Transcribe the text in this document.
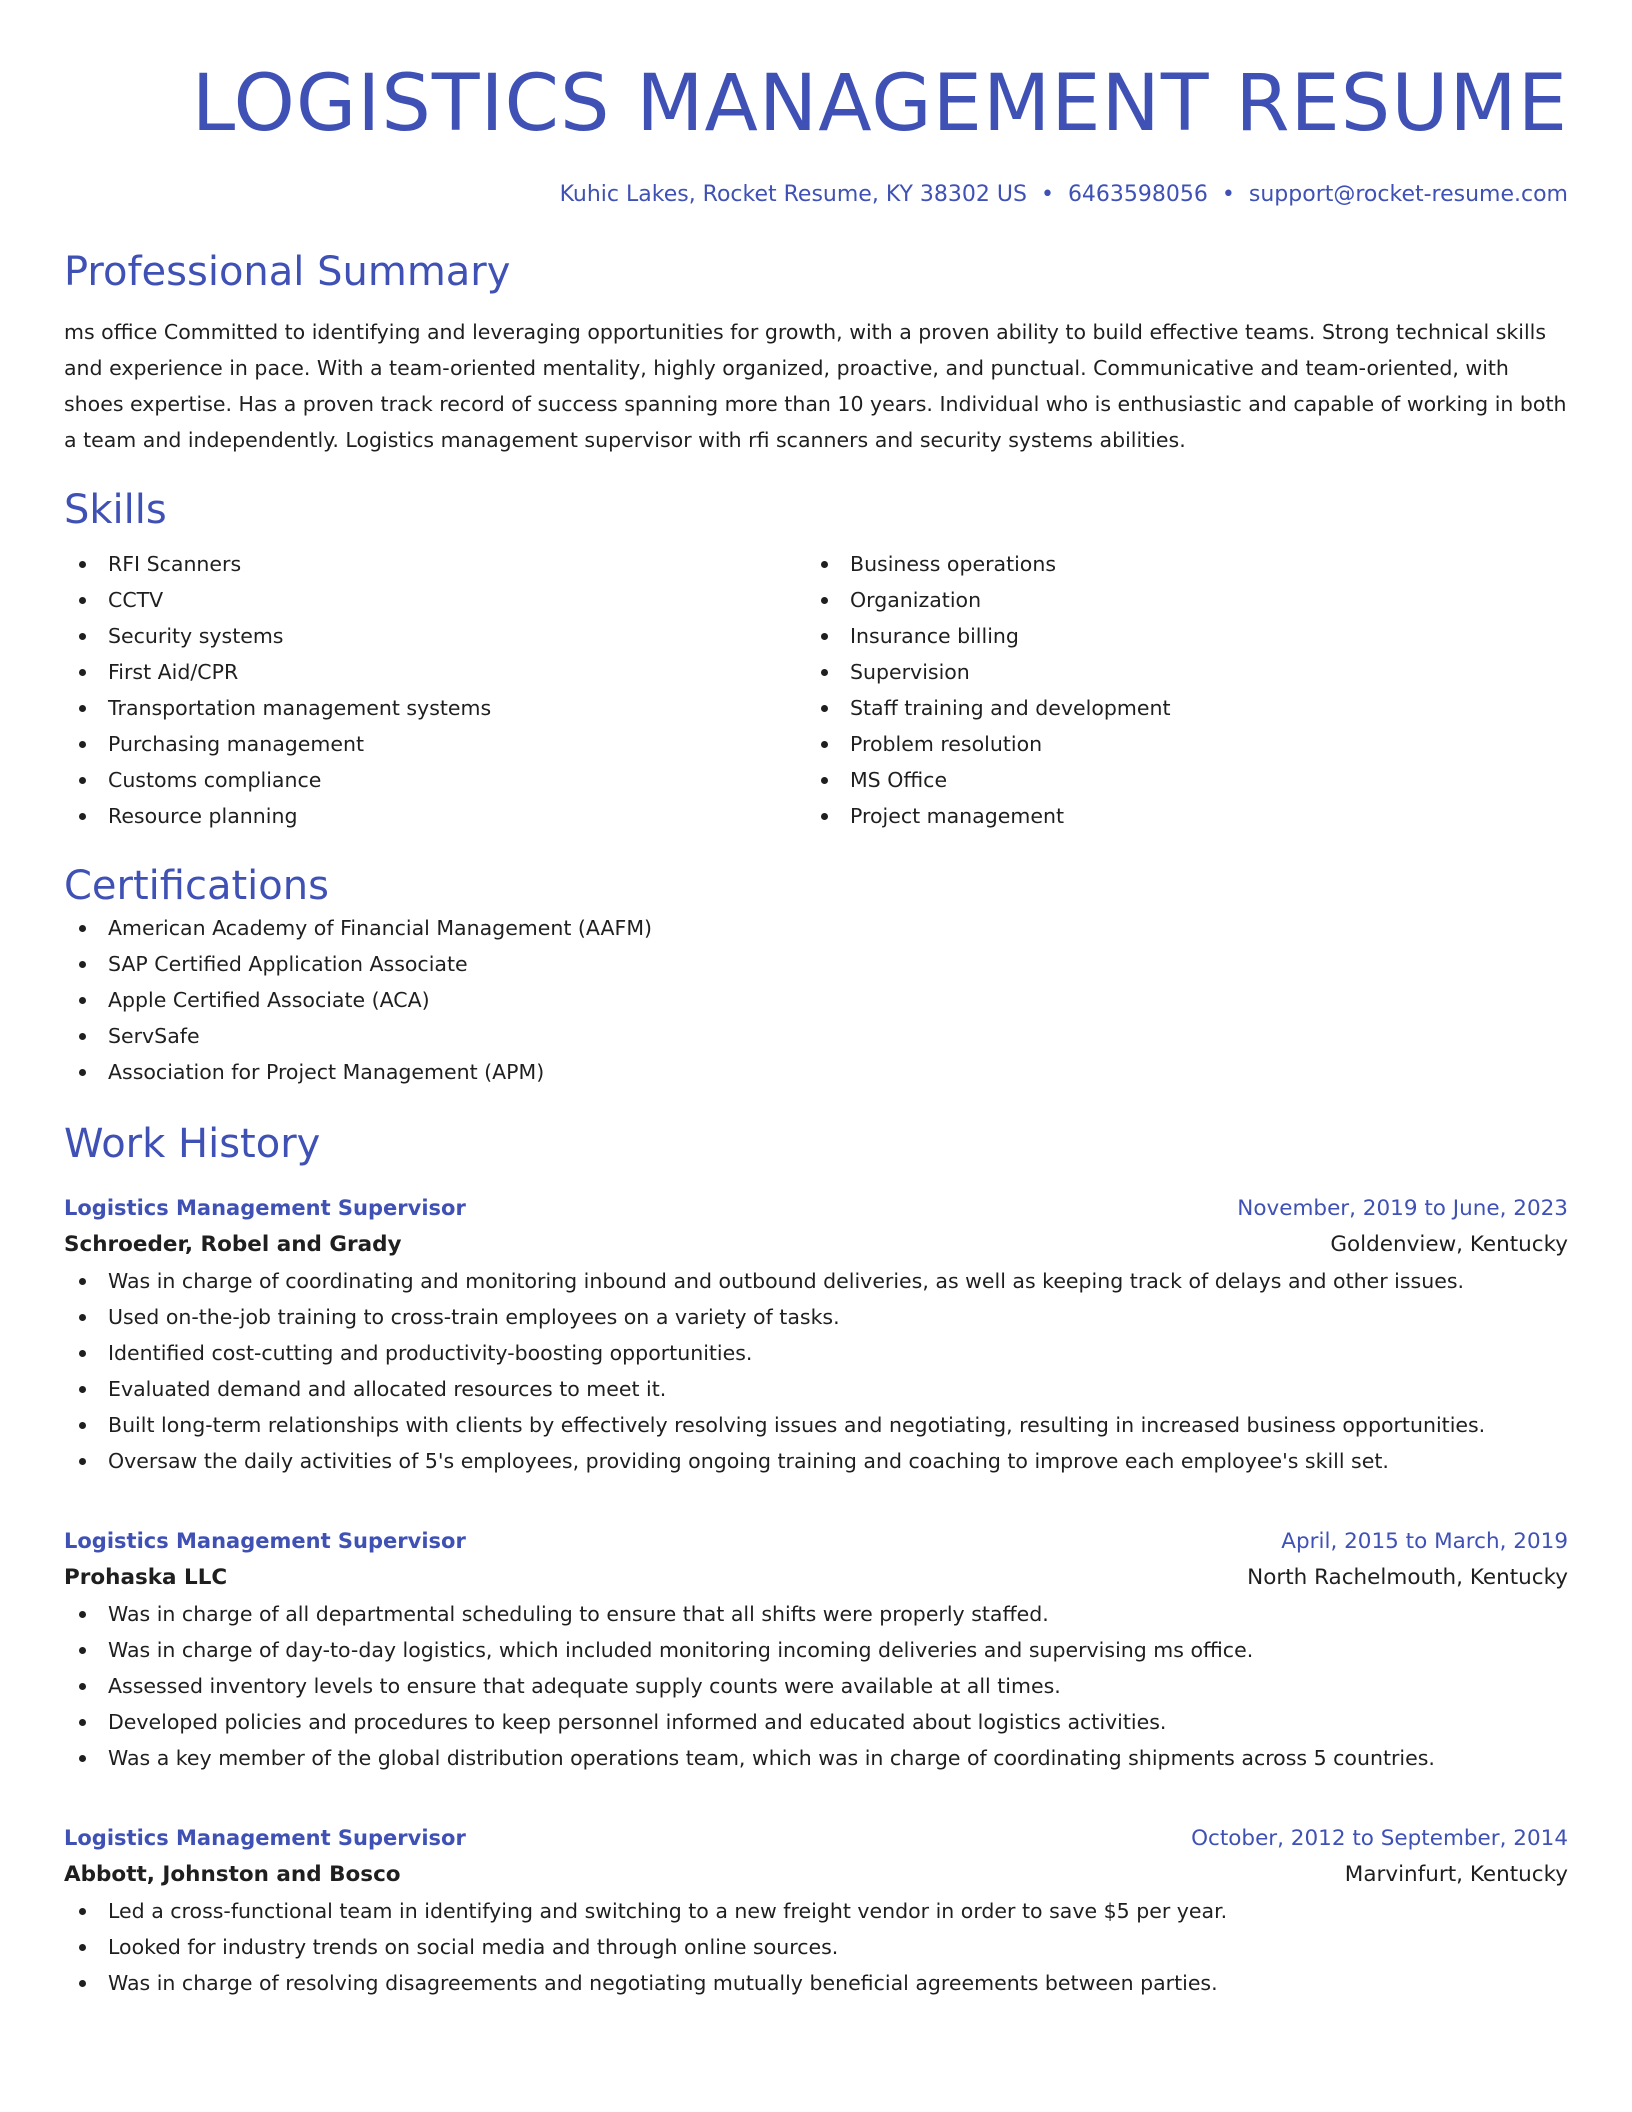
LOGISTICS MANAGEMENT RESUME
Kuhic Lakes, Rocket Resume, KY 38302 US • 6463598056 • support@rocket-resume.com
Professional Summary

ms office Committed to identifying and leveraging opportunities for growth, with a proven ability to build effective teams. Strong technical skills and experience in pace. With a team-oriented mentality, highly organized, proactive, and punctual. Communicative and team-oriented, with shoes expertise. Has a proven track record of success spanning more than 10 years. Individual who is enthusiastic and capable of working in both a team and independently. Logistics management supervisor with rfi scanners and security systems abilities.

Skills
RFI Scanners
CCTV
Security systems
First Aid/CPR
Transportation management systems
Purchasing management
Customs compliance
Resource planning
Business operations
Organization
Insurance billing
Supervision
Staff training and development
Problem resolution
MS Office
Project management
Certifications
American Academy of Financial Management (AAFM)
SAP Certified Application Associate
Apple Certified Associate (ACA)
ServSafe
Association for Project Management (APM)
Work History
Logistics Management Supervisor	November, 2019 to June, 2023
Schroeder, Robel and Grady	Goldenview, Kentucky
Was in charge of coordinating and monitoring inbound and outbound deliveries, as well as keeping track of delays and other issues.
Used on-the-job training to cross-train employees on a variety of tasks.
Identified cost-cutting and productivity-boosting opportunities.
Evaluated demand and allocated resources to meet it.
Built long-term relationships with clients by effectively resolving issues and negotiating, resulting in increased business opportunities.
Oversaw the daily activities of 5's employees, providing ongoing training and coaching to improve each employee's skill set.
Logistics Management Supervisor	April, 2015 to March, 2019
Prohaska LLC	North Rachelmouth, Kentucky
Was in charge of all departmental scheduling to ensure that all shifts were properly staffed.
Was in charge of day-to-day logistics, which included monitoring incoming deliveries and supervising ms office.
Assessed inventory levels to ensure that adequate supply counts were available at all times.
Developed policies and procedures to keep personnel informed and educated about logistics activities.
Was a key member of the global distribution operations team, which was in charge of coordinating shipments across 5 countries.
Logistics Management Supervisor	October, 2012 to September, 2014
Abbott, Johnston and Bosco	Marvinfurt, Kentucky
Led a cross-functional team in identifying and switching to a new freight vendor in order to save $5 per year.
Looked for industry trends on social media and through online sources.
Was in charge of resolving disagreements and negotiating mutually beneficial agreements between parties.
